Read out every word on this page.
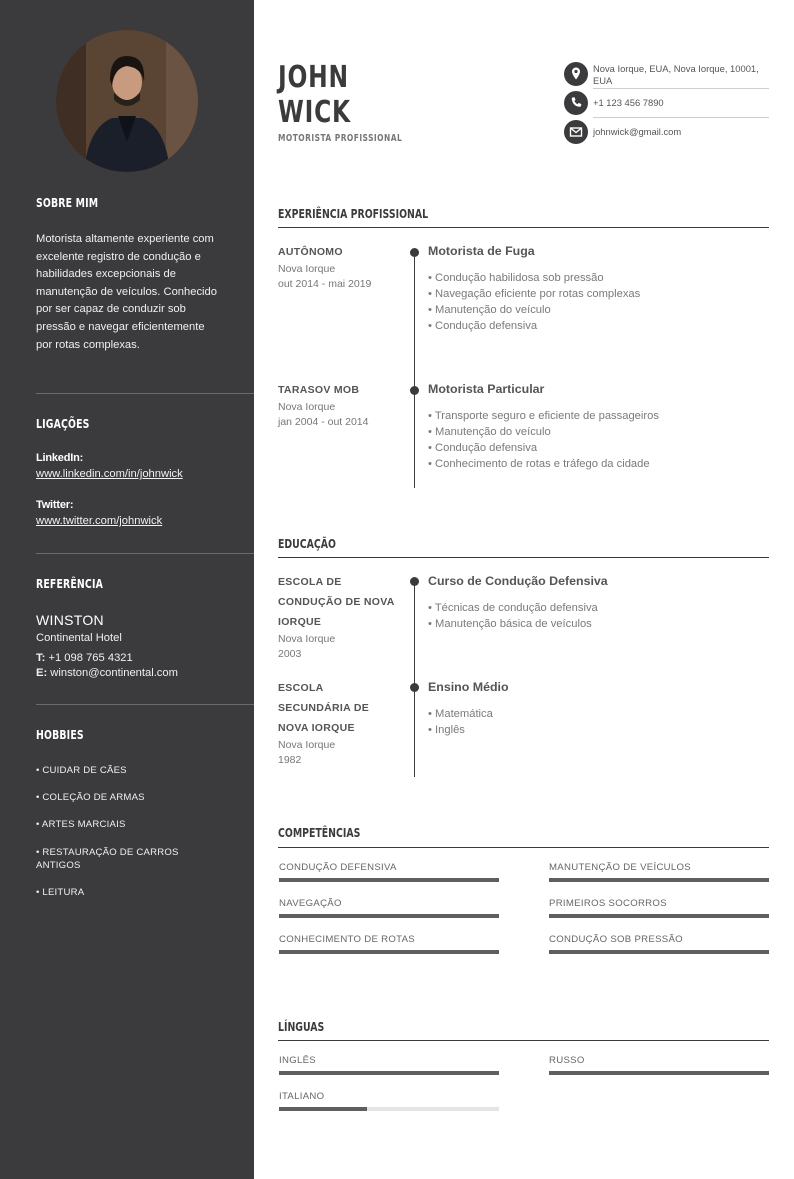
SOBRE MIM
Motorista altamente experiente com excelente registro de condução e habilidades excepcionais de manutenção de veículos. Conhecido por ser capaz de conduzir sob pressão e navegar eficientemente por rotas complexas.
LIGAÇÕES
LinkedIn:
www.linkedin.com/in/johnwick
Twitter:
www.twitter.com/johnwick
REFERÊNCIA
WINSTON
Continental Hotel
T: +1 098 765 4321
E: winston@continental.com
HOBBIES
• CUIDAR DE CÃES
• COLEÇÃO DE ARMAS
• ARTES MARCIAIS
• RESTAURAÇÃO DE CARROS ANTIGOS
• LEITURA
JOHN
WICK
MOTORISTA PROFISSIONAL
Nova Iorque, EUA, Nova Iorque, 10001, EUA
+1 123 456 7890
johnwick@gmail.com
EXPERIÊNCIA PROFISSIONAL
AUTÔNOMO
Nova Iorque
out 2014 - mai 2019
Motorista de Fuga
• Condução habilidosa sob pressão
• Navegação eficiente por rotas complexas
• Manutenção do veículo
• Condução defensiva
TARASOV MOB
Nova Iorque
jan 2004 - out 2014
Motorista Particular
• Transporte seguro e eficiente de passageiros
• Manutenção do veículo
• Condução defensiva
• Conhecimento de rotas e tráfego da cidade
EDUCAÇÃO
ESCOLA DE CONDUÇÃO DE NOVA IORQUE
Nova Iorque
2003
Curso de Condução Defensiva
• Técnicas de condução defensiva
• Manutenção básica de veículos
ESCOLA SECUNDÁRIA DE NOVA IORQUE
Nova Iorque
1982
Ensino Médio
• Matemática
• Inglês
COMPETÊNCIAS
CONDUÇÃO DEFENSIVA	MANUTENÇÃO DE VEÍCULOS
NAVEGAÇÃO	PRIMEIROS SOCORROS
CONHECIMENTO DE ROTAS	CONDUÇÃO SOB PRESSÃO
LÍNGUAS
INGLÊS	RUSSO
ITALIANO
